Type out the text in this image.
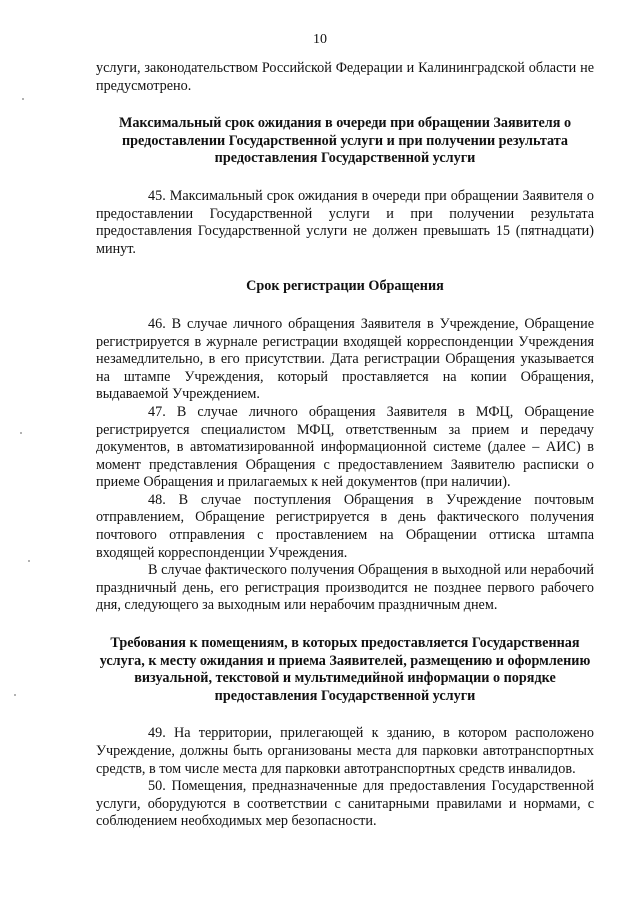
10

услуги, законодательством Российской Федерации и Калининградской области не предусмотрено.

Максимальный срок ожидания в очереди при обращении Заявителя о предоставлении Государственной услуги и при получении результата предоставления Государственной услуги

45. Максимальный срок ожидания в очереди при обращении Заявителя о предоставлении Государственной услуги и при получении результата предоставления Государственной услуги не должен превышать 15 (пятнадцати) минут.

Срок регистрации Обращения

46. В случае личного обращения Заявителя в Учреждение, Обращение регистрируется в журнале регистрации входящей корреспонденции Учреждения незамедлительно, в его присутствии. Дата регистрации Обращения указывается на штампе Учреждения, который проставляется на копии Обращения, выдаваемой Учреждением.

47. В случае личного обращения Заявителя в МФЦ, Обращение регистрируется специалистом МФЦ, ответственным за прием и передачу документов, в автоматизированной информационной системе (далее – АИС) в момент представления Обращения с предоставлением Заявителю расписки о приеме Обращения и прилагаемых к ней документов (при наличии).

48. В случае поступления Обращения в Учреждение почтовым отправлением, Обращение регистрируется в день фактического получения почтового отправления с проставлением на Обращении оттиска штампа входящей корреспонденции Учреждения.

В случае фактического получения Обращения в выходной или нерабочий праздничный день, его регистрация производится не позднее первого рабочего дня, следующего за выходным или нерабочим праздничным днем.

Требования к помещениям, в которых предоставляется Государственная услуга, к месту ожидания и приема Заявителей, размещению и оформлению визуальной, текстовой и мультимедийной информации о порядке предоставления Государственной услуги

49. На территории, прилегающей к зданию, в котором расположено Учреждение, должны быть организованы места для парковки автотранспортных средств, в том числе места для парковки автотранспортных средств инвалидов.

50. Помещения, предназначенные для предоставления Государственной услуги, оборудуются в соответствии с санитарными правилами и нормами, с соблюдением необходимых мер безопасности.
